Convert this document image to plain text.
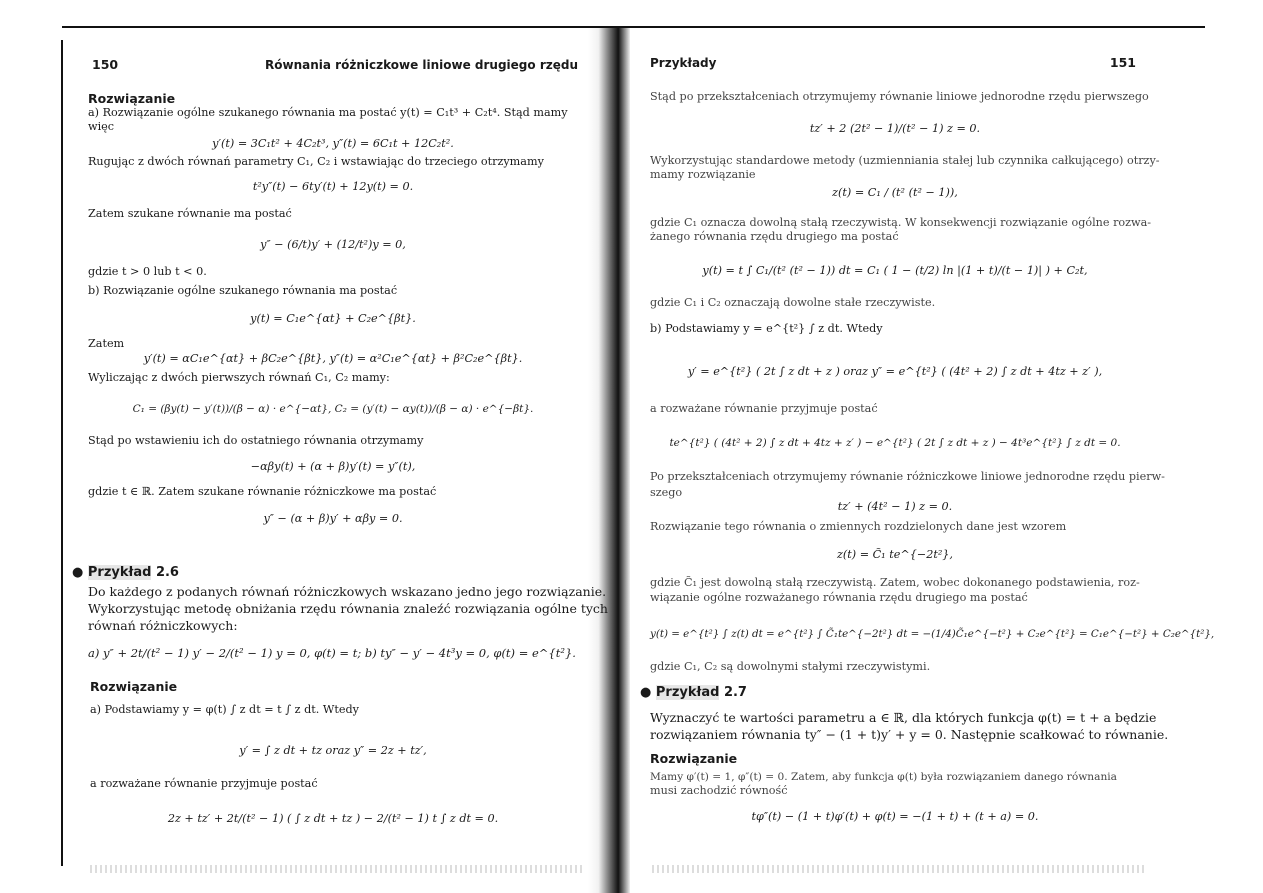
150	Równania różniczkowe liniowe drugiego rzędu
Rozwiązanie
a) Rozwiązanie ogólne szukanego równania ma postać y(t) = C₁t³ + C₂t⁴. Stąd mamy
więc
y′(t) = 3C₁t² + 4C₂t³, y″(t) = 6C₁t + 12C₂t².
Rugując z dwóch równań parametry C₁, C₂ i wstawiając do trzeciego otrzymamy
t²y″(t) − 6ty′(t) + 12y(t) = 0.
Zatem szukane równanie ma postać
y″ − (6/t)y′ + (12/t²)y = 0,
gdzie t > 0 lub t < 0.
b) Rozwiązanie ogólne szukanego równania ma postać
y(t) = C₁e^{αt} + C₂e^{βt}.
Zatem
y′(t) = αC₁e^{αt} + βC₂e^{βt}, y″(t) = α²C₁e^{αt} + β²C₂e^{βt}.
Wyliczając z dwóch pierwszych równań C₁, C₂ mamy:
C₁ = (βy(t) − y′(t))/(β − α) · e^{−αt}, C₂ = (y′(t) − αy(t))/(β − α) · e^{−βt}.
Stąd po wstawieniu ich do ostatniego równania otrzymamy
−αβy(t) + (α + β)y′(t) = y″(t),
gdzie t ∈ ℝ. Zatem szukane równanie różniczkowe ma postać
y″ − (α + β)y′ + αβy = 0.
● Przykład 2.6
Do każdego z podanych równań różniczkowych wskazano jedno jego rozwiązanie.
Wykorzystując metodę obniżania rzędu równania znaleźć rozwiązania ogólne tych
równań różniczkowych:
a) y″ + 2t/(t² − 1) y′ − 2/(t² − 1) y = 0, φ(t) = t; b) ty″ − y′ − 4t³y = 0, φ(t) = e^{t²}.
Rozwiązanie
a) Podstawiamy y = φ(t) ∫ z dt = t ∫ z dt. Wtedy
y′ = ∫ z dt + tz oraz y″ = 2z + tz′,
a rozważane równanie przyjmuje postać
2z + tz′ + 2t/(t² − 1) ( ∫ z dt + tz ) − 2/(t² − 1) t ∫ z dt = 0.
Przykłady	151
Stąd po przekształceniach otrzymujemy równanie liniowe jednorodne rzędu pierwszego
tz′ + 2 (2t² − 1)/(t² − 1) z = 0.
Wykorzystując standardowe metody (uzmienniania stałej lub czynnika całkującego) otrzy-
mamy rozwiązanie
z(t) = C₁ / (t² (t² − 1)),
gdzie C₁ oznacza dowolną stałą rzeczywistą. W konsekwencji rozwiązanie ogólne rozwa-
żanego równania rzędu drugiego ma postać
y(t) = t ∫ C₁/(t² (t² − 1)) dt = C₁ ( 1 − (t/2) ln |(1 + t)/(t − 1)| ) + C₂t,
gdzie C₁ i C₂ oznaczają dowolne stałe rzeczywiste.
b) Podstawiamy y = e^{t²} ∫ z dt. Wtedy
y′ = e^{t²} ( 2t ∫ z dt + z ) oraz y″ = e^{t²} ( (4t² + 2) ∫ z dt + 4tz + z′ ),
a rozważane równanie przyjmuje postać
te^{t²} ( (4t² + 2) ∫ z dt + 4tz + z′ ) − e^{t²} ( 2t ∫ z dt + z ) − 4t³e^{t²} ∫ z dt = 0.
Po przekształceniach otrzymujemy równanie różniczkowe liniowe jednorodne rzędu pierw-
szego
tz′ + (4t² − 1) z = 0.
Rozwiązanie tego równania o zmiennych rozdzielonych dane jest wzorem
z(t) = C̃₁ te^{−2t²},
gdzie C̃₁ jest dowolną stałą rzeczywistą. Zatem, wobec dokonanego podstawienia, roz-
wiązanie ogólne rozważanego równania rzędu drugiego ma postać
y(t) = e^{t²} ∫ z(t) dt = e^{t²} ∫ C̃₁te^{−2t²} dt = −(1/4)C̃₁e^{−t²} + C₂e^{t²} = C₁e^{−t²} + C₂e^{t²},
gdzie C₁, C₂ są dowolnymi stałymi rzeczywistymi.
● Przykład 2.7
Wyznaczyć te wartości parametru a ∈ ℝ, dla których funkcja φ(t) = t + a będzie
rozwiązaniem równania ty″ − (1 + t)y′ + y = 0. Następnie scałkować to równanie.
Rozwiązanie
Mamy φ′(t) = 1, φ″(t) = 0. Zatem, aby funkcja φ(t) była rozwiązaniem danego równania
musi zachodzić równość
tφ″(t) − (1 + t)φ′(t) + φ(t) = −(1 + t) + (t + a) = 0.
